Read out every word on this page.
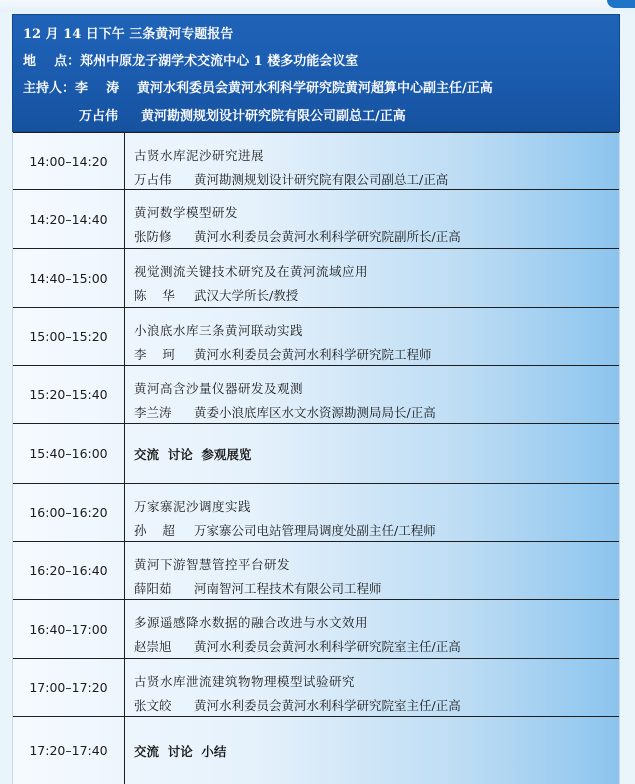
12 月 14 日下午 三条黄河专题报告
地    点：郑州中原龙子湖学术交流中心 1 楼多功能会议室
主持人：李    涛 黄河水利委员会黄河水利科学研究院黄河超算中心副主任/正高
万占伟 黄河勘测规划设计研究院有限公司副总工/正高
14:00–14:20	古贤水库泥沙研究进展
万占伟 黄河勘测规划设计研究院有限公司副总工/正高
14:20–14:40	黄河数学模型研发
张防修 黄河水利委员会黄河水利科学研究院副所长/正高
14:40–15:00	视觉测流关键技术研究及在黄河流域应用
陈    华 武汉大学所长/教授
15:00–15:20	小浪底水库三条黄河联动实践
李    珂 黄河水利委员会黄河水利科学研究院工程师
15:20–15:40	黄河高含沙量仪器研发及观测
李兰涛 黄委小浪底库区水文水资源勘测局局长/正高
15:40–16:00	交流  讨论  参观展览
16:00–16:20	万家寨泥沙调度实践
孙    超 万家寨公司电站管理局调度处副主任/工程师
16:20–16:40	黄河下游智慧管控平台研发
薛阳茹 河南智河工程技术有限公司工程师
16:40–17:00	多源遥感降水数据的融合改进与水文效用
赵崇旭 黄河水利委员会黄河水利科学研究院室主任/正高
17:00–17:20	古贤水库泄流建筑物物理模型试验研究
张文皎 黄河水利委员会黄河水利科学研究院室主任/正高
17:20–17:40	交流  讨论  小结
